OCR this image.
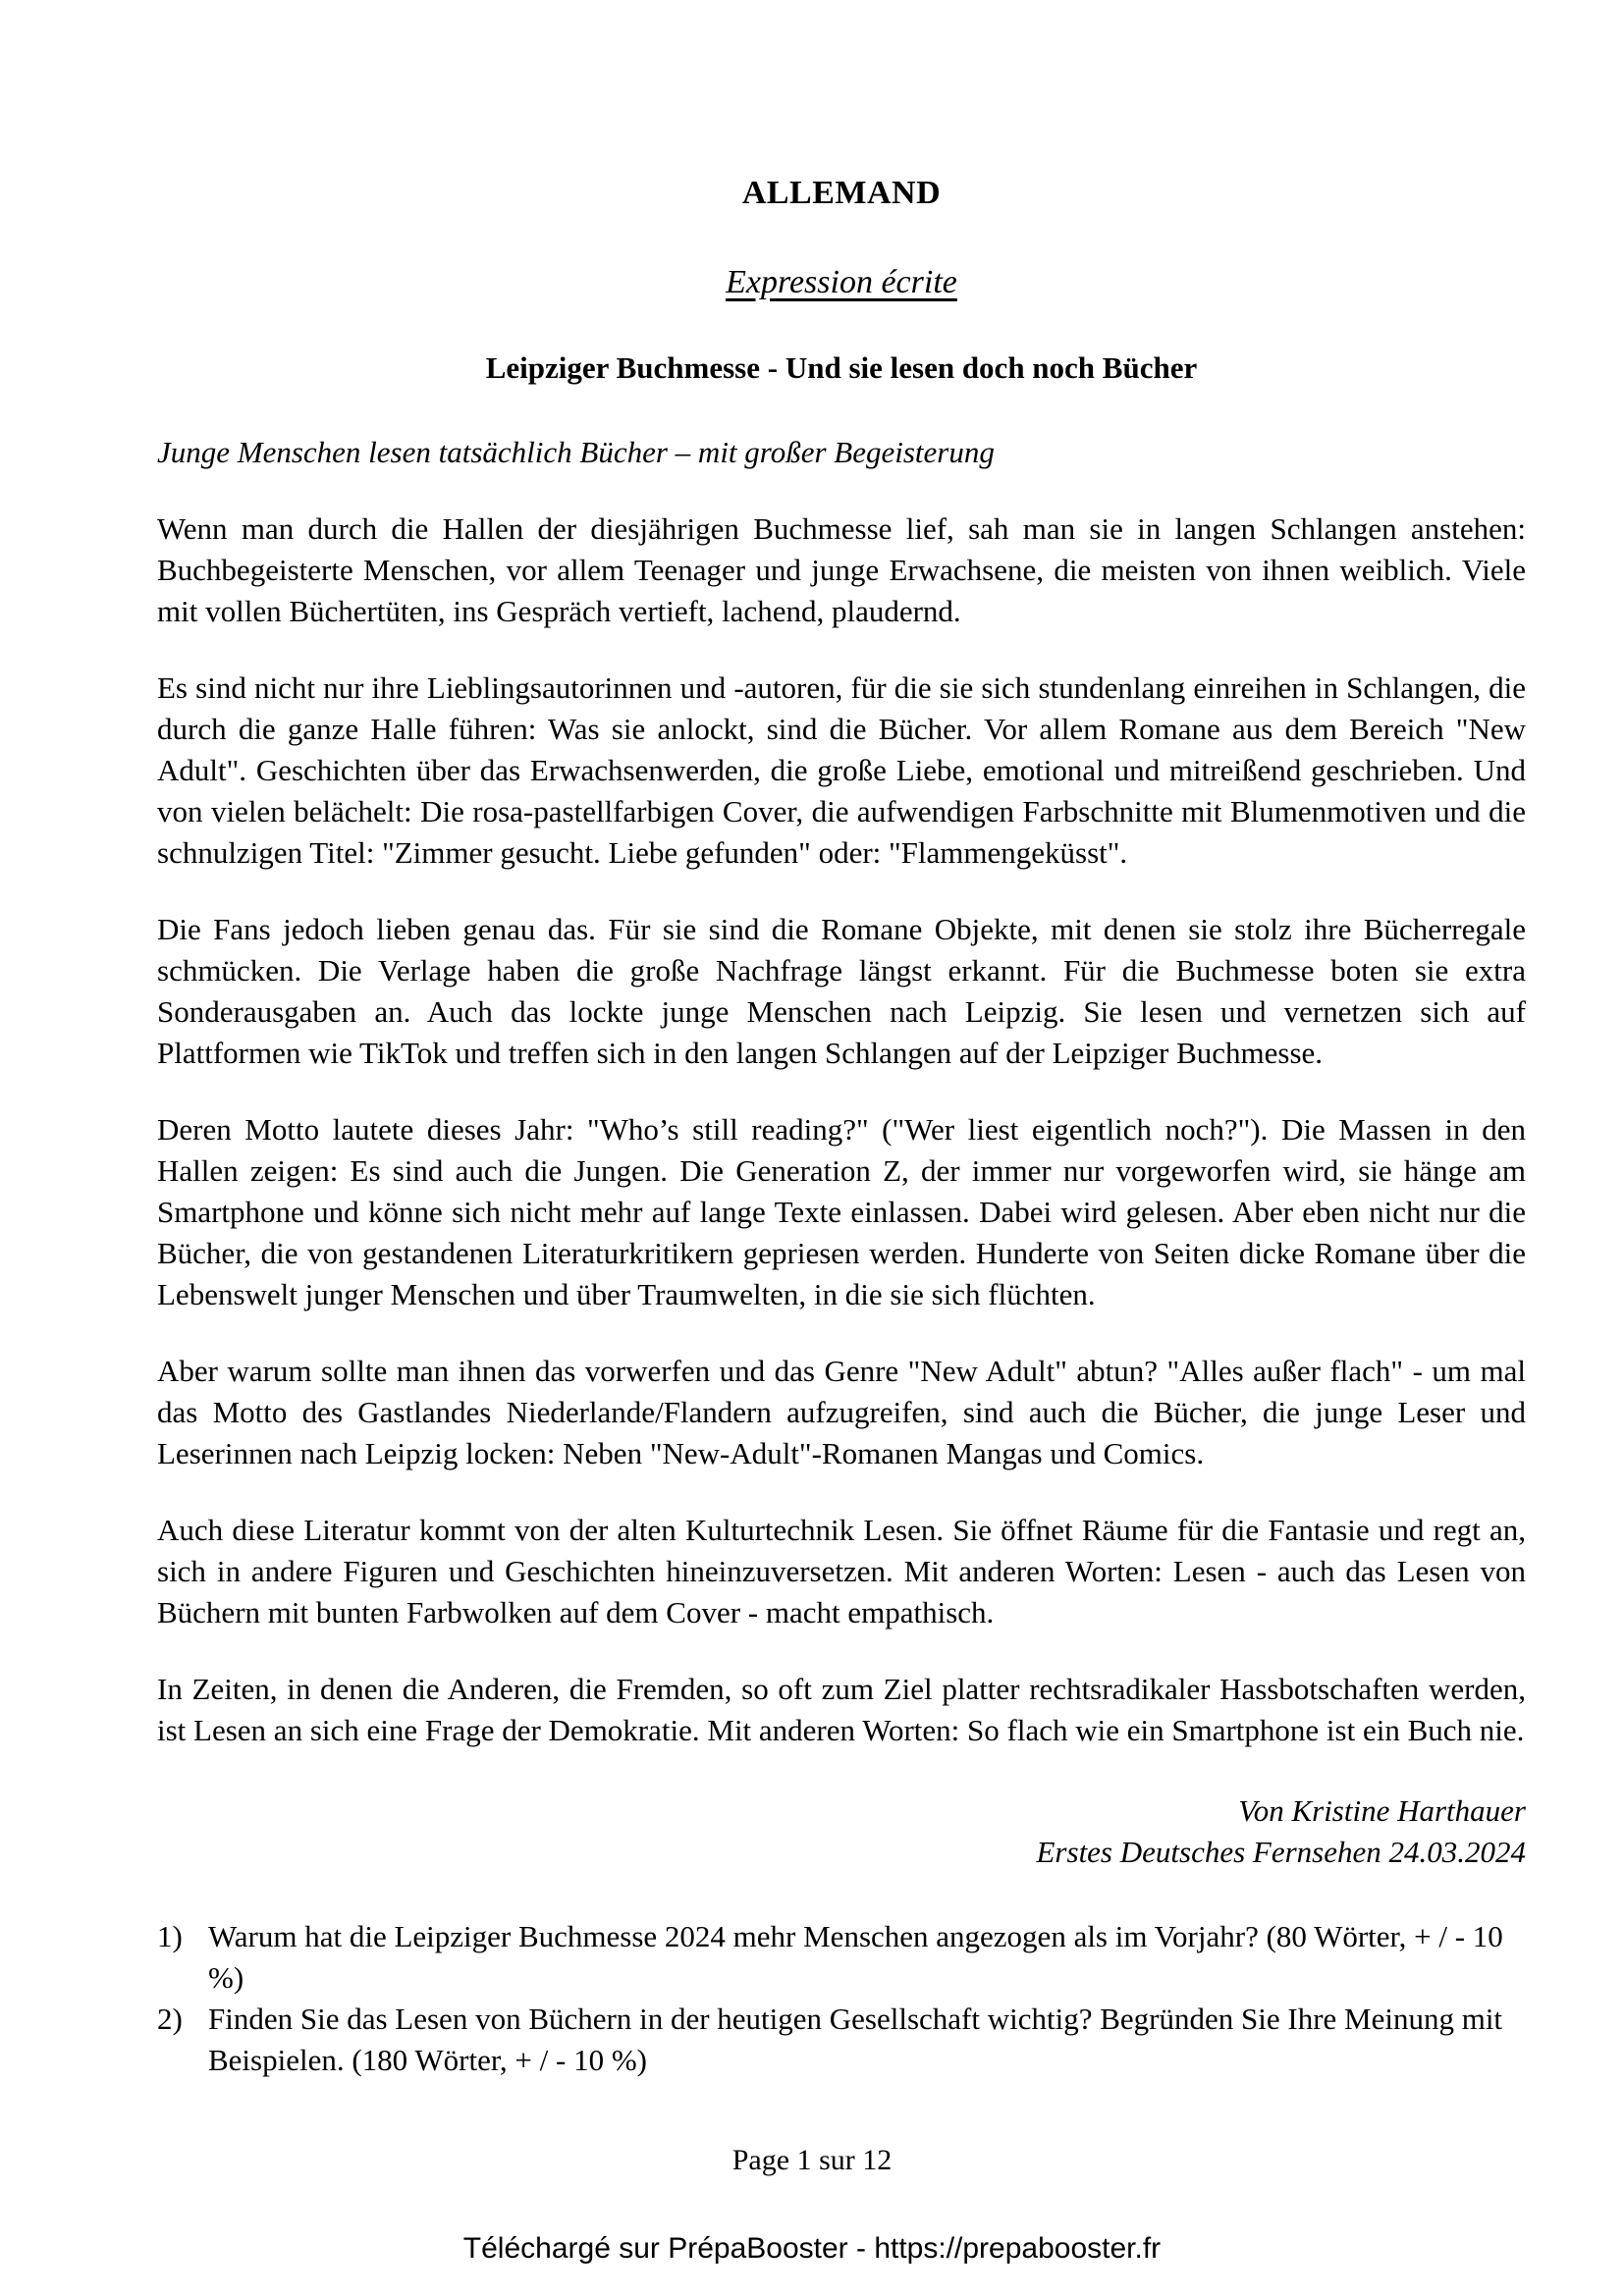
ALLEMAND
Expression écrite
Leipziger Buchmesse - Und sie lesen doch noch Bücher
Junge Menschen lesen tatsächlich Bücher – mit großer Begeisterung

Wenn man durch die Hallen der diesjährigen Buchmesse lief, sah man sie in langen Schlangen anstehen: Buchbegeisterte Menschen, vor allem Teenager und junge Erwachsene, die meisten von ihnen weiblich. Viele mit vollen Büchertüten, ins Gespräch vertieft, lachend, plaudernd.

Es sind nicht nur ihre Lieblingsautorinnen und -autoren, für die sie sich stundenlang einreihen in Schlangen, die durch die ganze Halle führen: Was sie anlockt, sind die Bücher. Vor allem Romane aus dem Bereich "New Adult". Geschichten über das Erwachsenwerden, die große Liebe, emotional und mitreißend geschrieben. Und von vielen belächelt: Die rosa-pastellfarbigen Cover, die aufwendigen Farbschnitte mit Blumenmotiven und die schnulzigen Titel: "Zimmer gesucht. Liebe gefunden" oder: "Flammengeküsst".

Die Fans jedoch lieben genau das. Für sie sind die Romane Objekte, mit denen sie stolz ihre Bücherregale schmücken. Die Verlage haben die große Nachfrage längst erkannt. Für die Buchmesse boten sie extra Sonderausgaben an. Auch das lockte junge Menschen nach Leipzig. Sie lesen und vernetzen sich auf Plattformen wie TikTok und treffen sich in den langen Schlangen auf der Leipziger Buchmesse.

Deren Motto lautete dieses Jahr: "Who’s still reading?" ("Wer liest eigentlich noch?"). Die Massen in den Hallen zeigen: Es sind auch die Jungen. Die Generation Z, der immer nur vorgeworfen wird, sie hänge am Smartphone und könne sich nicht mehr auf lange Texte einlassen. Dabei wird gelesen. Aber eben nicht nur die Bücher, die von gestandenen Literaturkritikern gepriesen werden. Hunderte von Seiten dicke Romane über die Lebenswelt junger Menschen und über Traumwelten, in die sie sich flüchten.

Aber warum sollte man ihnen das vorwerfen und das Genre "New Adult" abtun? "Alles außer flach" - um mal das Motto des Gastlandes Niederlande/Flandern aufzugreifen, sind auch die Bücher, die junge Leser und Leserinnen nach Leipzig locken: Neben "New-Adult"-Romanen Mangas und Comics.

Auch diese Literatur kommt von der alten Kulturtechnik Lesen. Sie öffnet Räume für die Fantasie und regt an, sich in andere Figuren und Geschichten hineinzuversetzen. Mit anderen Worten: Lesen - auch das Lesen von Büchern mit bunten Farbwolken auf dem Cover - macht empathisch.

In Zeiten, in denen die Anderen, die Fremden, so oft zum Ziel platter rechtsradikaler Hassbotschaften werden, ist Lesen an sich eine Frage der Demokratie. Mit anderen Worten: So flach wie ein Smartphone ist ein Buch nie.

Von Kristine Harthauer
Erstes Deutsches Fernsehen 24.03.2024
1) Warum hat die Leipziger Buchmesse 2024 mehr Menschen angezogen als im Vorjahr? (80 Wörter, + / - 10 %)
2) Finden Sie das Lesen von Büchern in der heutigen Gesellschaft wichtig? Begründen Sie Ihre Meinung mit Beispielen. (180 Wörter, + / - 10 %)
Page 1 sur 12
Téléchargé sur PrépaBooster - https://prepabooster.fr
